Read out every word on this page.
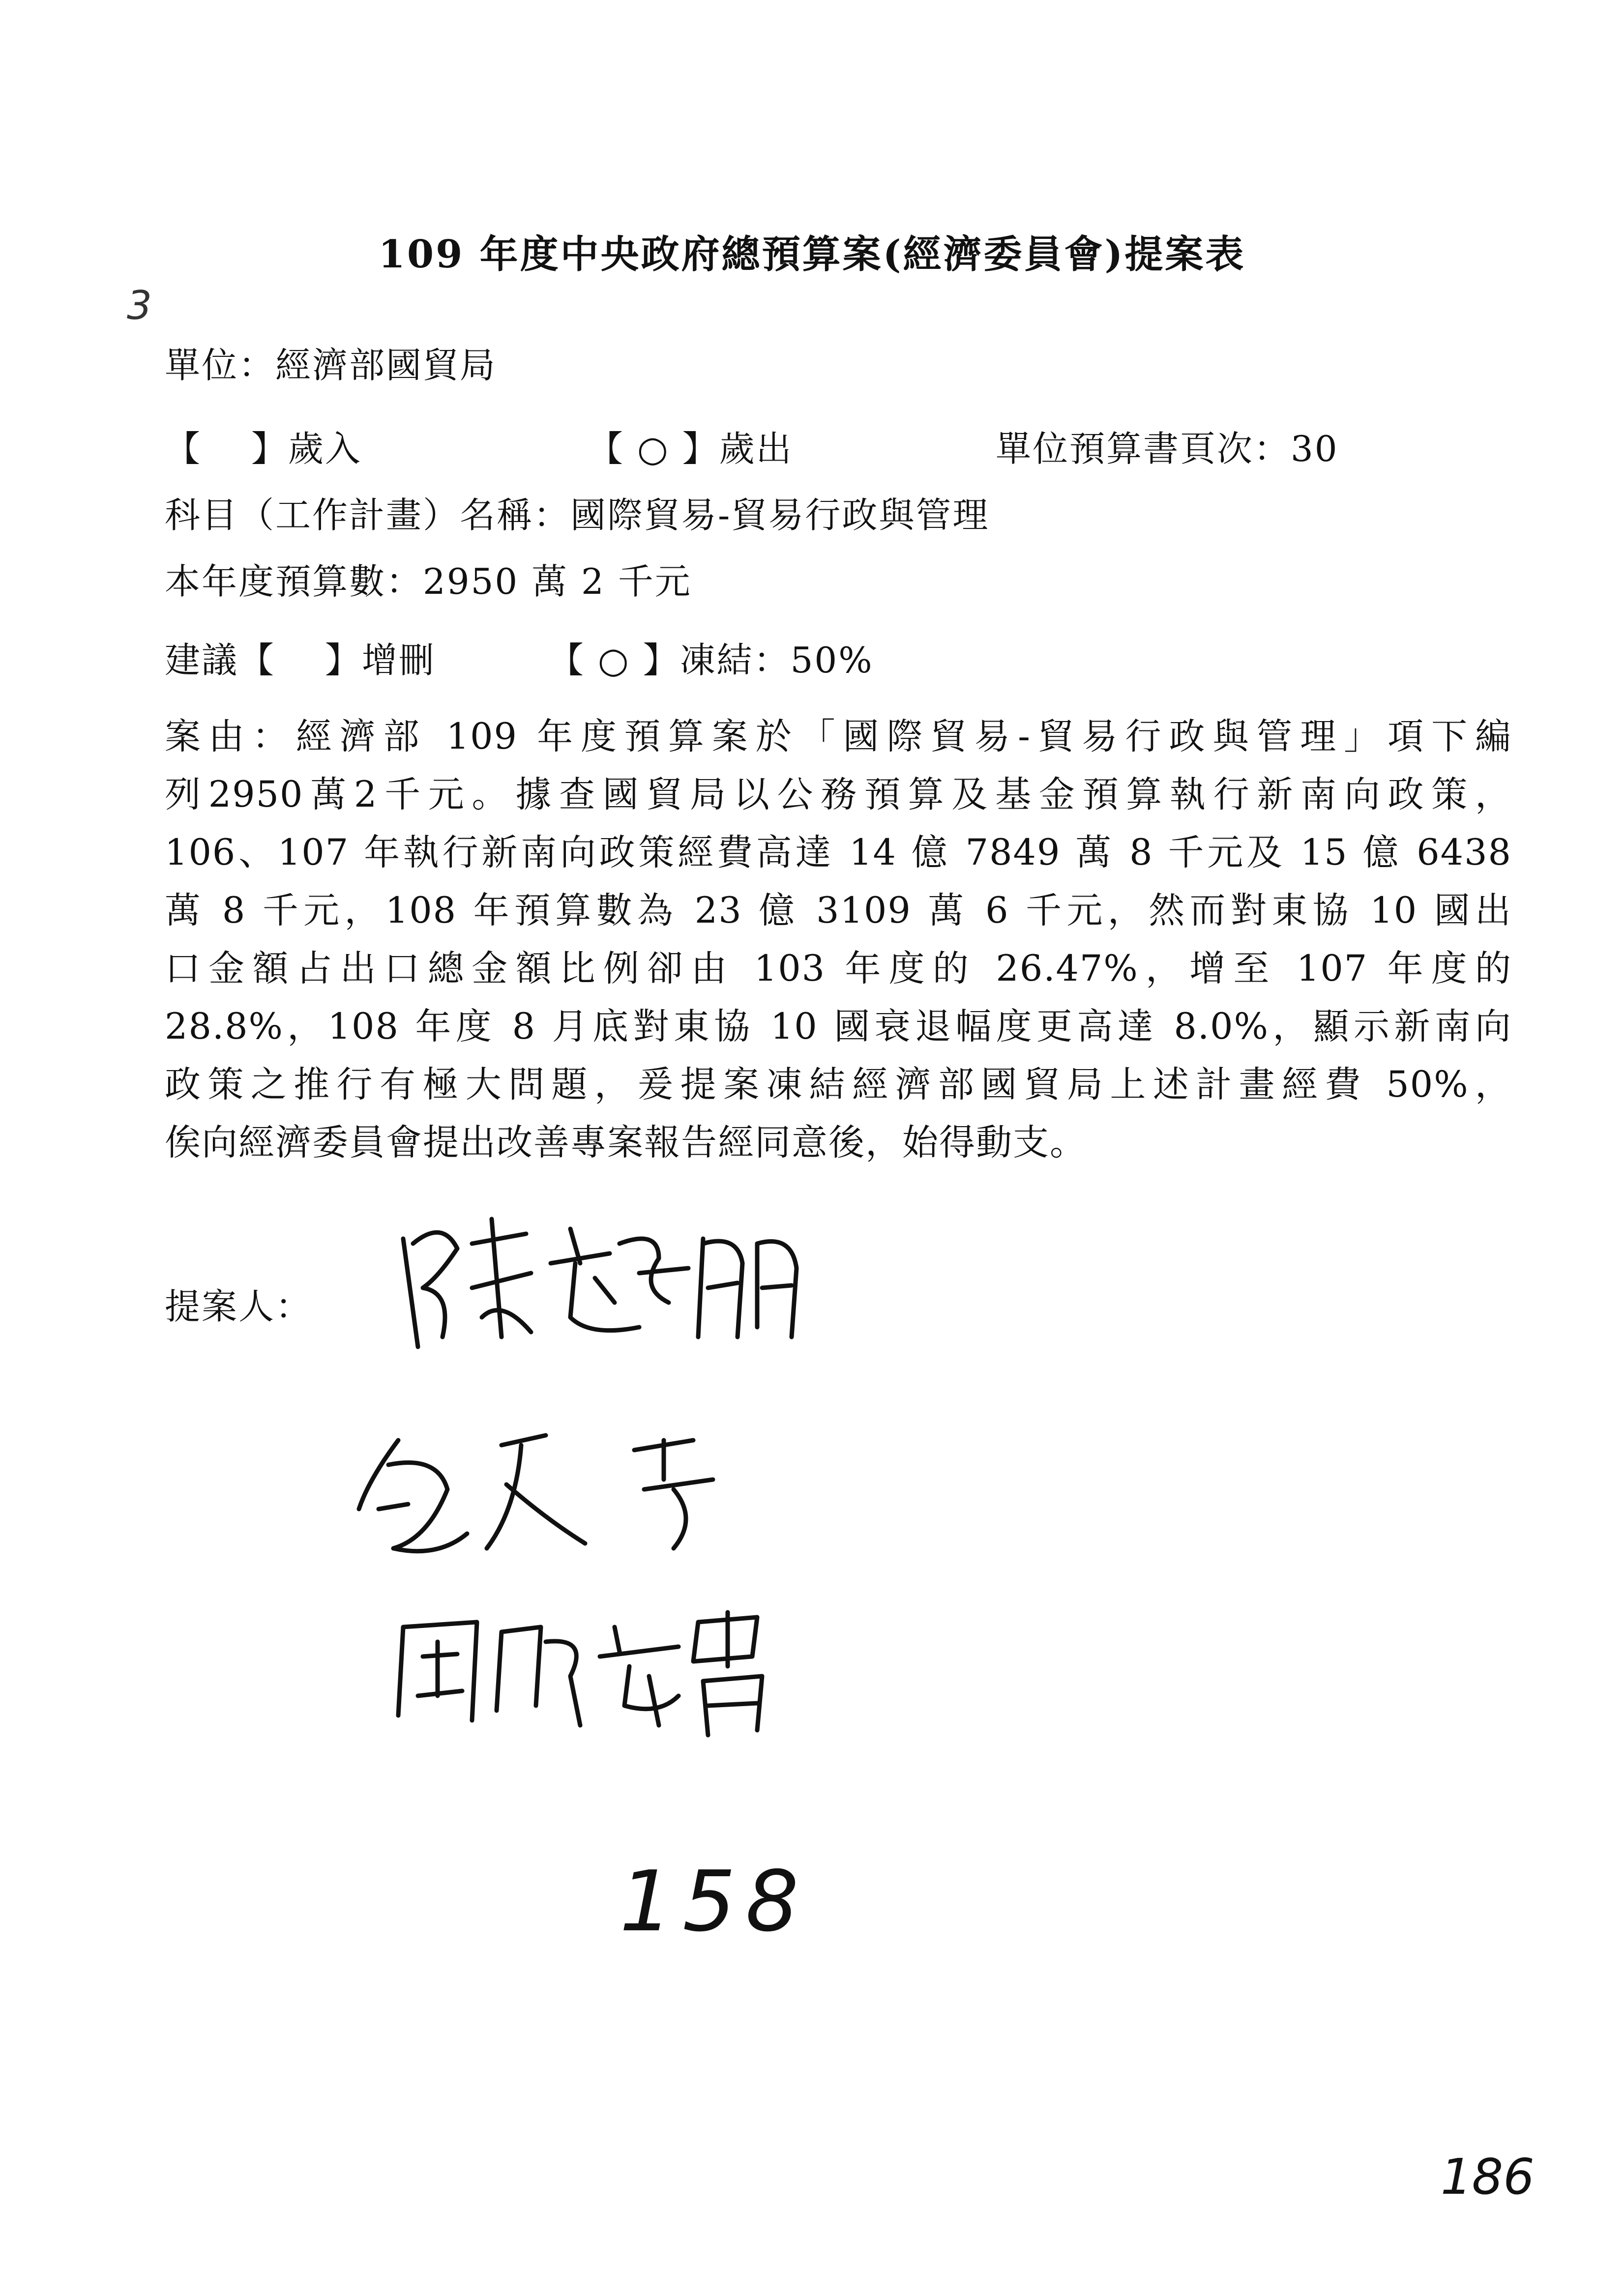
109 年度中央政府總預算案(經濟委員會)提案表
3
單位：經濟部國貿局
【　 】歲入	【 ○ 】歲出	單位預算書頁次：30
科目（工作計畫）名稱：國際貿易-貿易行政與管理
本年度預算數：2950 萬 2 千元
建議【　 】增刪	【 ○ 】凍結：50%
案由：經濟部 109 年度預算案於「國際貿易-貿易行政與管理」項下編
列2950萬2千元。據查國貿局以公務預算及基金預算執行新南向政策，
106、107 年執行新南向政策經費高達 14 億 7849 萬 8 千元及 15 億 6438
萬 8 千元，108 年預算數為 23 億 3109 萬 6 千元，然而對東協 10 國出
口金額占出口總金額比例卻由 103 年度的 26.47%，增至 107 年度的
28.8%，108 年度 8 月底對東協 10 國衰退幅度更高達 8.0%，顯示新南向
政策之推行有極大問題，爰提案凍結經濟部國貿局上述計畫經費 50%，
俟向經濟委員會提出改善專案報告經同意後，始得動支。
提案人：
158
186
